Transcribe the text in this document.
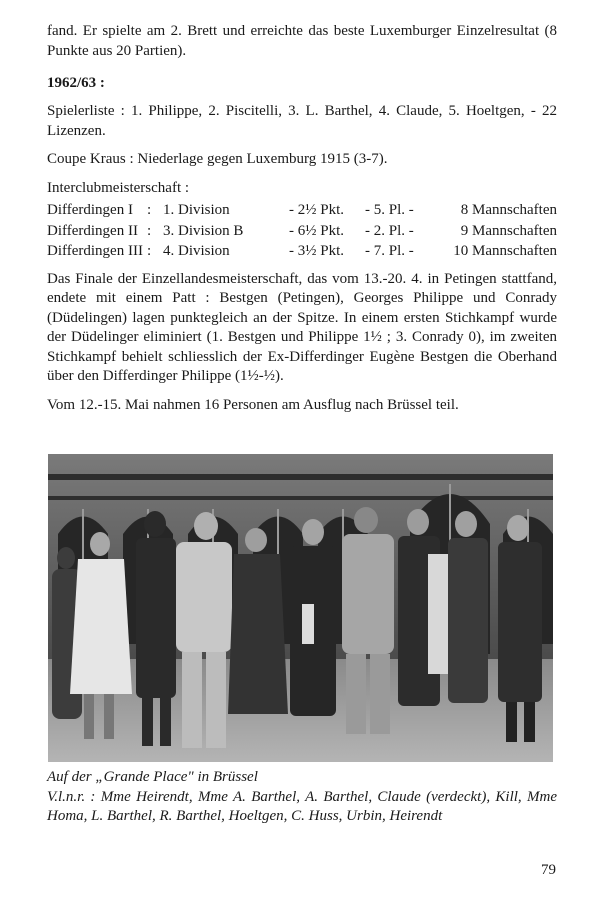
fand. Er spielte am 2. Brett und erreichte das beste Luxemburger Einzelresultat (8 Punkte aus 20 Partien).

1962/63 :

Spielerliste : 1. Philippe, 2. Piscitelli, 3. L. Barthel, 4. Claude, 5. Hoeltgen, - 22 Lizenzen.

Coupe Kraus : Niederlage gegen Luxemburg 1915 (3-7).

Interclubmeisterschaft :

Differdingen I	:	1. Division	- 2½ Pkt.	- 5. Pl. -	8 Mannschaften
Differdingen II	:	3. Division B	- 6½ Pkt.	- 2. Pl. -	9 Mannschaften
Differdingen III	:	4. Division	- 3½ Pkt.	- 7. Pl. -	10 Mannschaften

Das Finale der Einzellandesmeisterschaft, das vom 13.-20. 4. in Petingen stattfand, endete mit einem Patt : Bestgen (Petingen), Georges Philippe und Conrady (Düdelingen) lagen punktegleich an der Spitze. In einem ersten Stichkampf wurde der Düdelinger eliminiert (1. Bestgen und Philippe 1½ ; 3. Conrady 0), im zweiten Stichkampf behielt schliesslich der Ex-Differdinger Eugène Bestgen die Oberhand über den Differdinger Philippe (1½-½).

Vom 12.-15. Mai nahmen 16 Personen am Ausflug nach Brüssel teil.

Auf der „Grande Place" in Brüssel

V.l.n.r. : Mme Heirendt, Mme A. Barthel, A. Barthel, Claude (verdeckt), Kill, Mme Homa, L. Barthel, R. Barthel, Hoeltgen, C. Huss, Urbin, Heirendt

79
